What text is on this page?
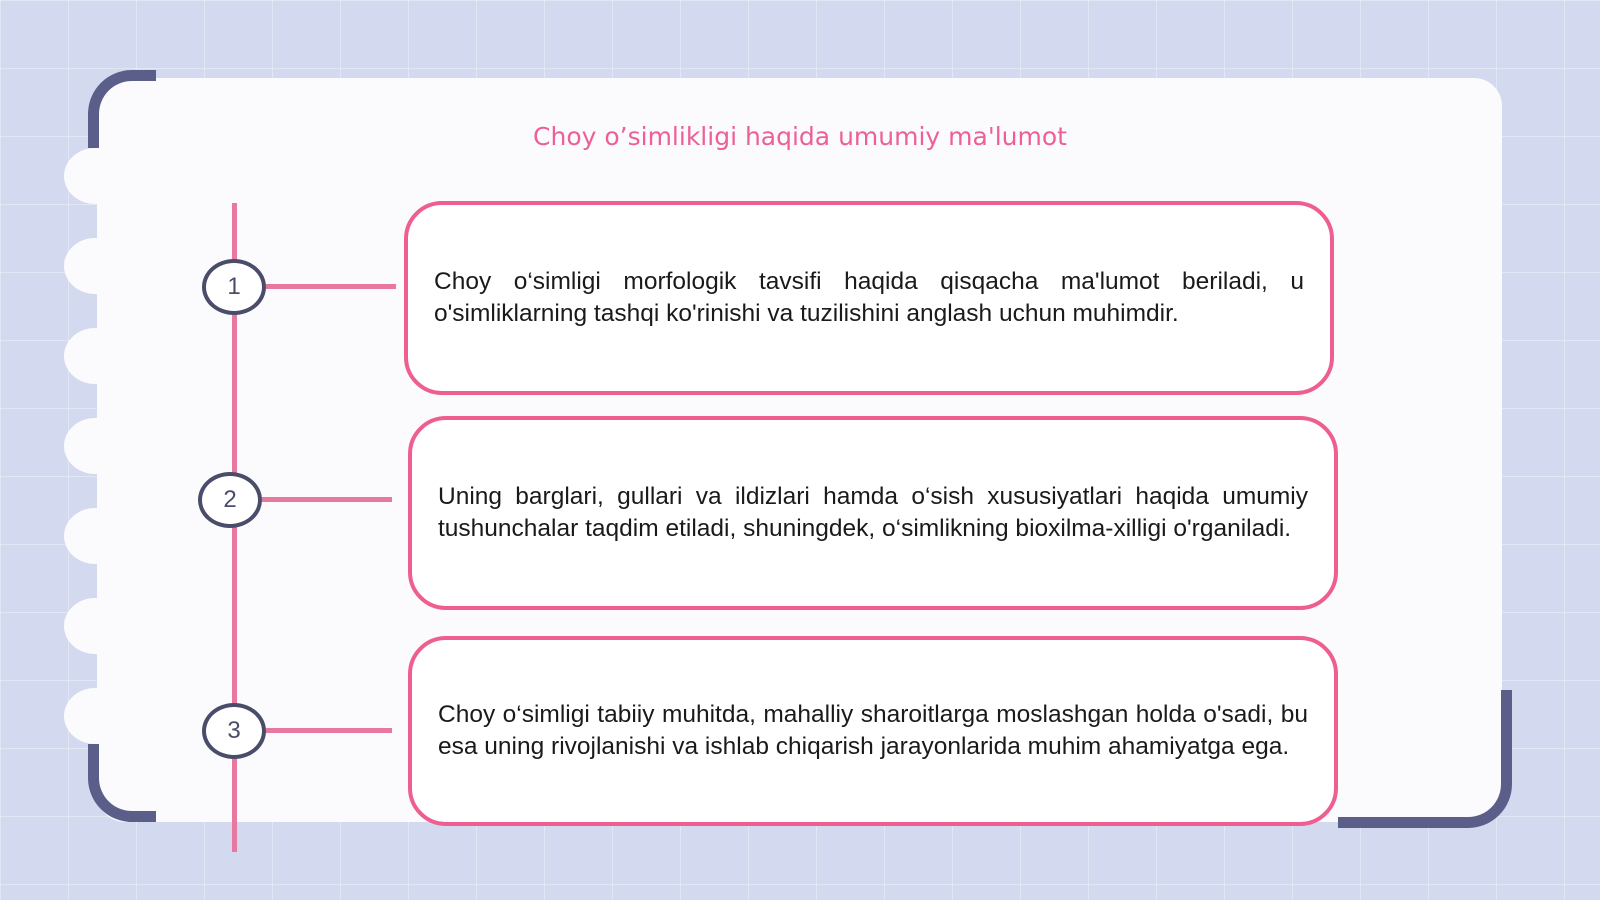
Choy o’simlikligi haqida umumiy ma'lumot
1	Choy o‘simligi morfologik tavsifi haqida qisqacha ma'lumot beriladi, u o'simliklarning tashqi ko'rinishi va tuzilishini anglash uchun muhimdir.

2	Uning barglari, gullari va ildizlari hamda o‘sish xususiyatlari haqida umumiy tushunchalar taqdim etiladi, shuningdek, o‘simlikning bioxilma-xilligi o'rganiladi.

3

Choy o‘simligi tabiiy muhitda, mahalliy sharoitlarga moslashgan holda o'sadi, bu esa uning rivojlanishi va ishlab chiqarish jarayonlarida muhim ahamiyatga ega.
